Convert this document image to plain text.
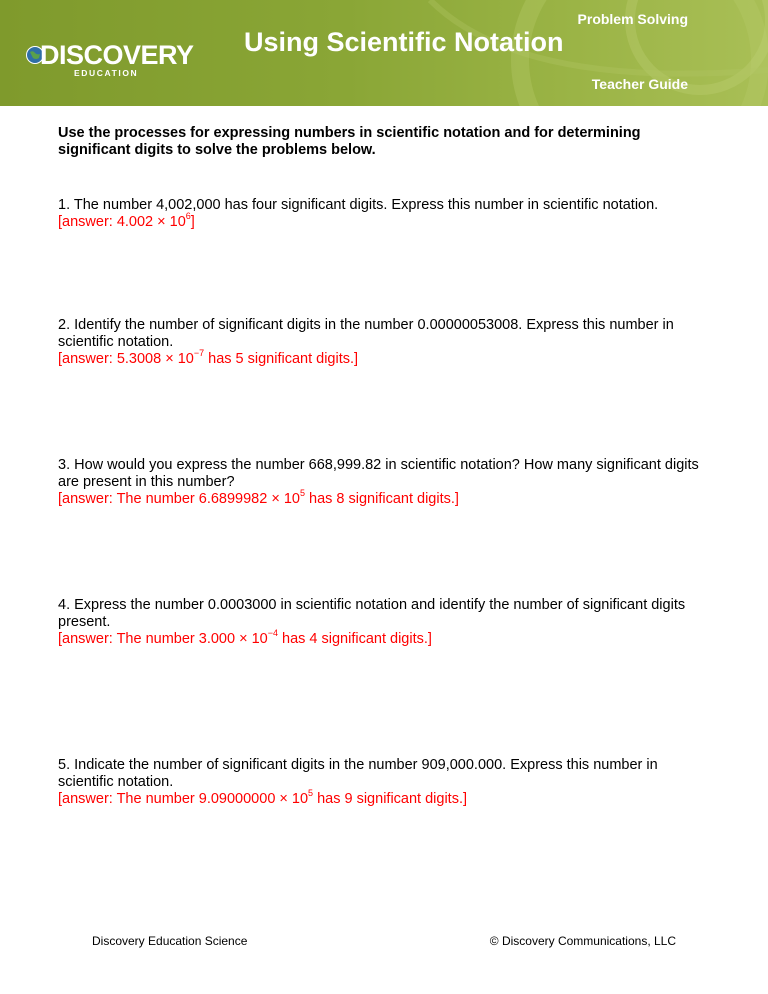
DISCOVERY
EDUCATION
Using Scientific Notation
Problem Solving
Teacher Guide
Use the processes for expressing numbers in scientific notation and for determining significant digits to solve the problems below.
1. The number 4,002,000 has four significant digits. Express this number in scientific notation.
[answer: $4.002 \times 10^6$]
2. Identify the number of significant digits in the number 0.00000053008. Express this number in scientific notation.
[answer: $5.3008 \times 10^{-7}$ has 5 significant digits.]
3. How would you express the number 668,999.82 in scientific notation? How many significant digits are present in this number?
[answer: The number $6.6899982 \times 10^5$ has 8 significant digits.]
4. Express the number 0.0003000 in scientific notation and identify the number of significant digits present.
[answer: The number $3.000 \times 10^{-4}$ has 4 significant digits.]
5. Indicate the number of significant digits in the number 909,000.000. Express this number in scientific notation.
[answer: The number $9.09000000 \times 10^5$ has 9 significant digits.]
Discovery Education Science	© Discovery Communications, LLC
